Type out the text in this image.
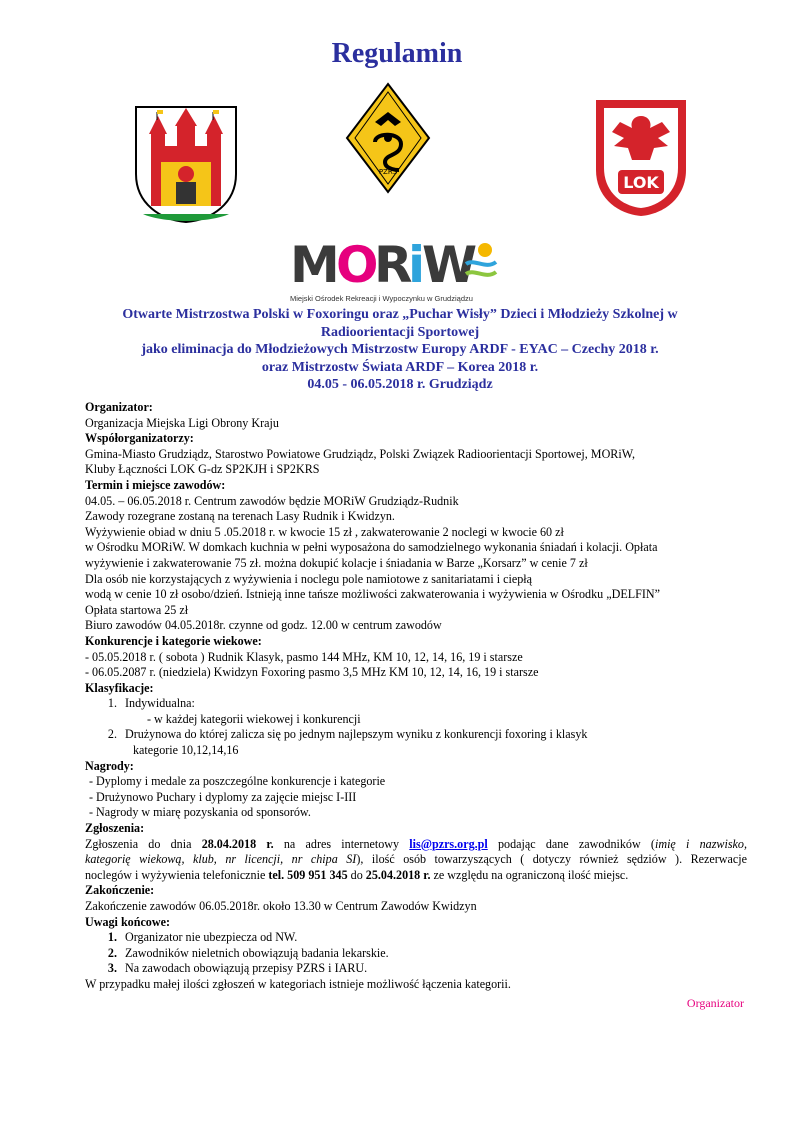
Regulamin
PZRS
LOK
M
O
R
i
W
Miejski Ośrodek Rekreacji i Wypoczynku w Grudziądzu
Otwarte Mistrzostwa Polski w Foxoringu oraz „Puchar Wisły” Dzieci i Młodzieży Szkolnej w
Radioorientacji Sportowej
jako eliminacja do Młodzieżowych Mistrzostw Europy ARDF - EYAC – Czechy 2018 r.
oraz Mistrzostw Świata ARDF – Korea 2018 r.
04.05 - 06.05.2018 r. Grudziądz
Organizator:
Organizacja Miejska Ligi Obrony Kraju
Współorganizatorzy:
Gmina-Miasto Grudziądz, Starostwo Powiatowe Grudziądz, Polski Związek Radioorientacji Sportowej, MORiW,
Kluby Łączności LOK G-dz SP2KJH i SP2KRS
Termin i miejsce zawodów:
04.05. – 06.05.2018 r. Centrum zawodów będzie MORiW Grudziądz-Rudnik
Zawody rozegrane zostaną na terenach Lasy Rudnik i Kwidzyn.
Wyżywienie obiad w dniu 5 .05.2018 r. w kwocie 15 zł , zakwaterowanie 2 noclegi w kwocie 60 zł
w Ośrodku MORiW. W domkach kuchnia w pełni wyposażona do samodzielnego wykonania śniadań i kolacji. Opłata
wyżywienie i zakwaterowanie 75 zł. można dokupić kolacje i śniadania w Barze „Korsarz” w cenie 7 zł
Dla osób nie korzystających z wyżywienia i noclegu pole namiotowe z sanitariatami i ciepłą
wodą w cenie 10 zł osobo/dzień. Istnieją inne tańsze możliwości zakwaterowania i wyżywienia w Ośrodku „DELFIN”
Opłata startowa 25 zł
Biuro zawodów 04.05.2018r. czynne od godz. 12.00 w centrum zawodów
Konkurencje i kategorie wiekowe:
- 05.05.2018 r. ( sobota ) Rudnik Klasyk, pasmo 144 MHz, KM 10, 12, 14, 16, 19 i starsze
- 06.05.2087 r. (niedziela) Kwidzyn Foxoring pasmo 3,5 MHz KM 10, 12, 14, 16, 19 i starsze
Klasyfikacje:
1. Indywidualna:
- w każdej kategorii wiekowej i konkurencji
2. Drużynowa do której zalicza się po jednym najlepszym wyniku z konkurencji foxoring i klasyk
kategorie 10,12,14,16
Nagrody:
- Dyplomy i medale za poszczególne konkurencje i kategorie
- Drużynowo Puchary i dyplomy za zajęcie miejsc I-III
- Nagrody w miarę pozyskania od sponsorów.
Zgłoszenia:
Zgłoszenia do dnia 28.04.2018 r. na adres internetowy lis@pzrs.org.pl podając dane zawodników (imię i nazwisko,
kategorię wiekową, klub, nr licencji, nr chipa SI), ilość osób towarzyszących ( dotyczy również sędziów ). Rezerwacje
noclegów i wyżywienia telefonicznie tel. 509 951 345 do 25.04.2018 r. ze względu na ograniczoną ilość miejsc.
Zakończenie:
Zakończenie zawodów 06.05.2018r. około 13.30 w Centrum Zawodów Kwidzyn
Uwagi końcowe:
1. Organizator nie ubezpiecza od NW.
2. Zawodników nieletnich obowiązują badania lekarskie.
3. Na zawodach obowiązują przepisy PZRS i IARU.
W przypadku małej ilości zgłoszeń w kategoriach istnieje możliwość łączenia kategorii.
Organizator
